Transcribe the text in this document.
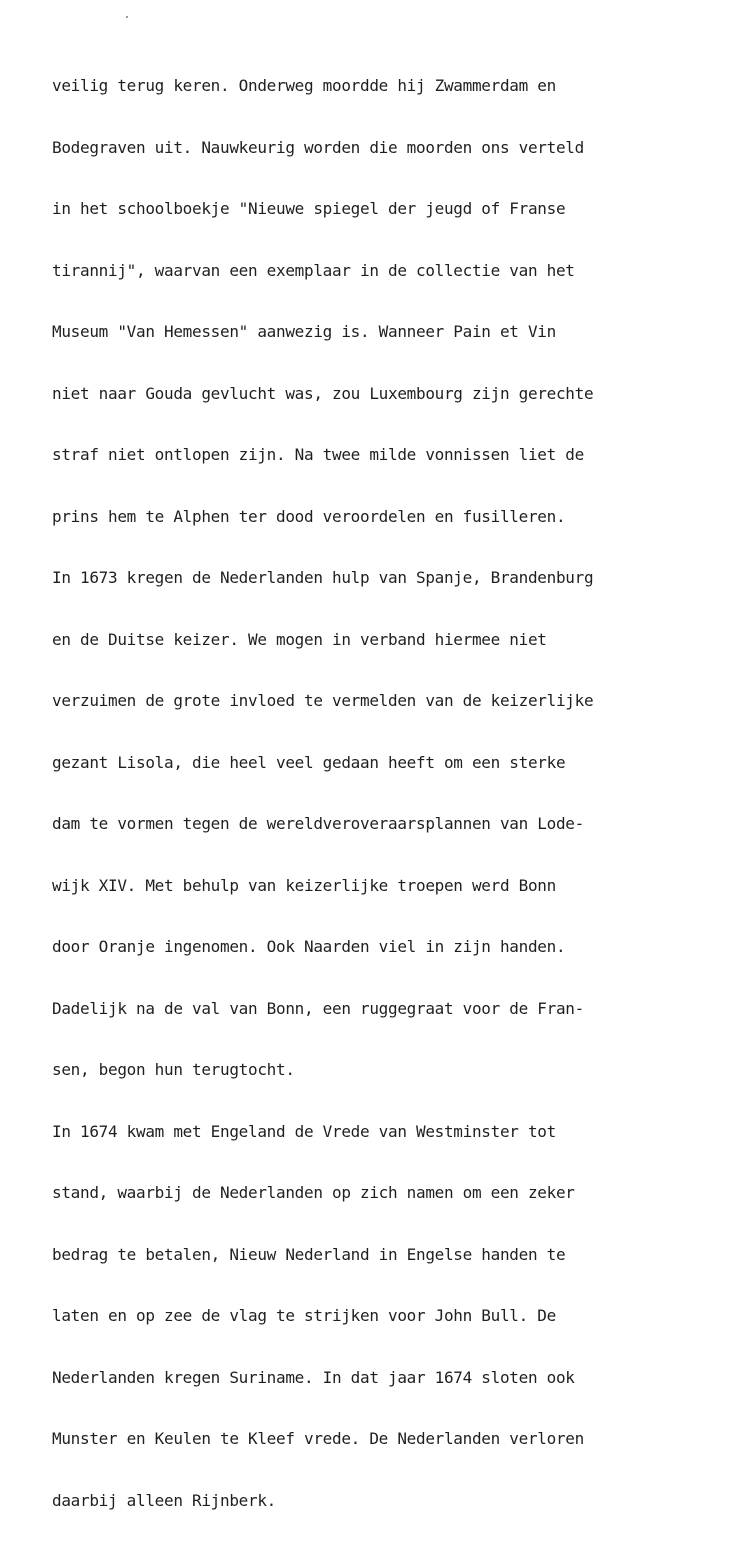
veilig terug keren. Onderweg moordde hij Zwammerdam en

Bodegraven uit. Nauwkeurig worden die moorden ons verteld

in het schoolboekje "Nieuwe spiegel der jeugd of Franse

tirannij", waarvan een exemplaar in de collectie van het

Museum "Van Hemessen" aanwezig is. Wanneer Pain et Vin

niet naar Gouda gevlucht was, zou Luxembourg zijn gerechte

straf niet ontlopen zijn. Na twee milde vonnissen liet de

prins hem te Alphen ter dood veroordelen en fusilleren.

In 1673 kregen de Nederlanden hulp van Spanje, Brandenburg

en de Duitse keizer. We mogen in verband hiermee niet

verzuimen de grote invloed te vermelden van de keizerlijke

gezant Lisola, die heel veel gedaan heeft om een sterke

dam te vormen tegen de wereldveroveraarsplannen van Lode-

wijk XIV. Met behulp van keizerlijke troepen werd Bonn

door Oranje ingenomen. Ook Naarden viel in zijn handen.

Dadelijk na de val van Bonn, een ruggegraat voor de Fran-

sen, begon hun terugtocht.

In 1674 kwam met Engeland de Vrede van Westminster tot

stand, waarbij de Nederlanden op zich namen om een zeker

bedrag te betalen, Nieuw Nederland in Engelse handen te

laten en op zee de vlag te strijken voor John Bull. De

Nederlanden kregen Suriname. In dat jaar 1674 sloten ook

Munster en Keulen te Kleef vrede. De Nederlanden verloren

daarbij alleen Rijnberk.
